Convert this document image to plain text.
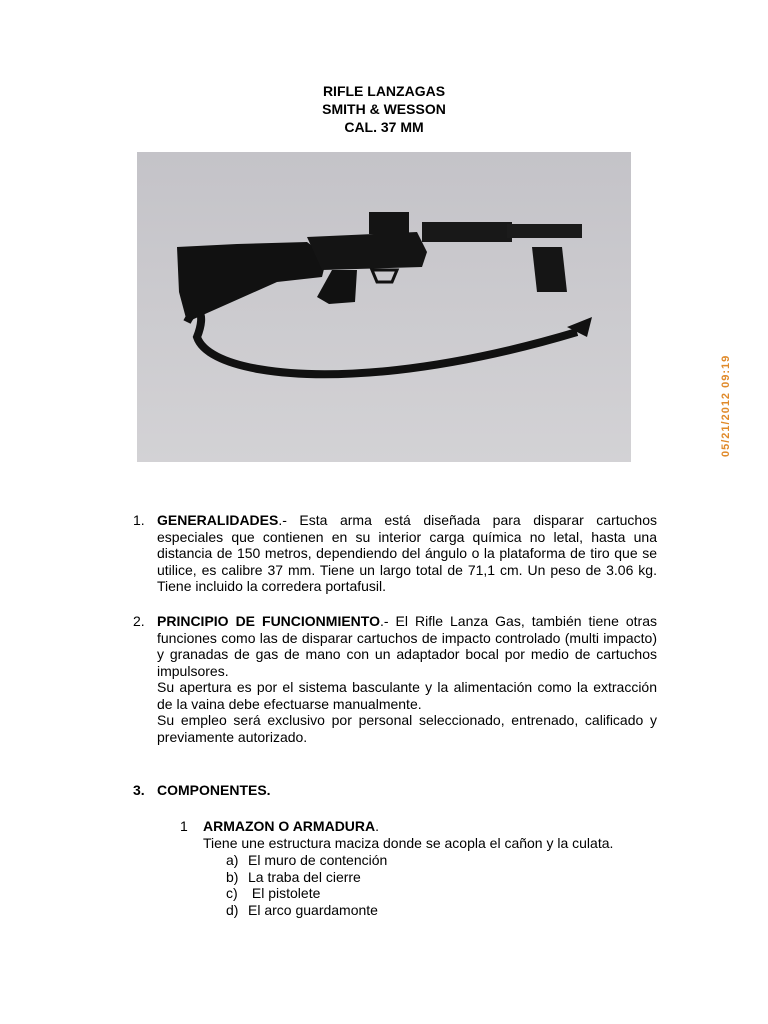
RIFLE LANZAGAS
SMITH & WESSON
CAL. 37 MM
05/21/2012 09:19
1. GENERALIDADES.- Esta arma está diseñada para disparar cartuchos especiales que contienen en su interior carga química no letal, hasta una distancia de 150 metros, dependiendo del ángulo o la plataforma de tiro que se utilice, es calibre 37 mm. Tiene un largo total de 71,1 cm. Un peso de 3.06 kg. Tiene incluido la corredera portafusil.

2. PRINCIPIO DE FUNCIONMIENTO.- El Rifle Lanza Gas, también tiene otras funciones como las de disparar cartuchos de impacto controlado (multi impacto) y granadas de gas de mano con un adaptador bocal por medio de cartuchos impulsores.

Su apertura es por el sistema basculante y la alimentación como la extracción de la vaina debe efectuarse manualmente.

Su empleo será exclusivo por personal seleccionado, entrenado, calificado y previamente autorizado.

3. COMPONENTES.
1 ARMAZON O ARMADURA.
Tiene une estructura maciza donde se acopla el cañon y la culata.
a) El muro de contención
b) La traba del cierre
c) El pistolete
d) El arco guardamonte
